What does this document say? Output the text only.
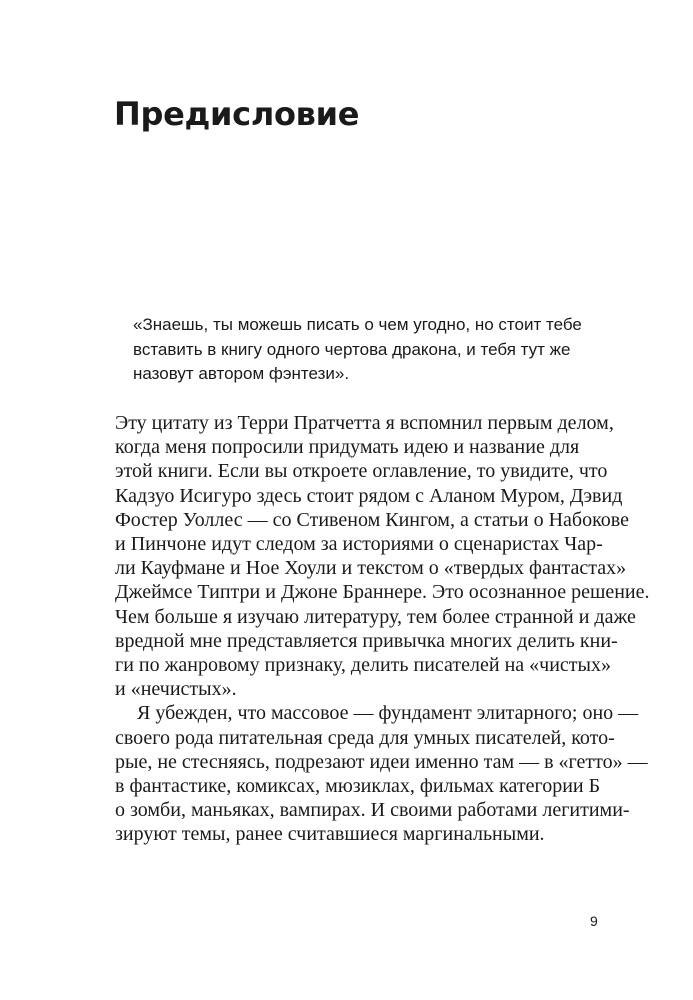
Предисловие
«Знаешь, ты можешь писать о чем угодно, но стоит тебе
вставить в книгу одного чертова дракона, и тебя тут же
назовут автором фэнтези».
Эту цитату из Терри Пратчетта я вспомнил первым делом,
когда меня попросили придумать идею и название для
этой книги. Если вы откроете оглавление, то увидите, что
Кадзуо Исигуро здесь стоит рядом с Аланом Муром, Дэвид
Фостер Уоллес — со Стивеном Кингом, а статьи о Набокове
и Пинчоне идут следом за историями о сценаристах Чар-
ли Кауфмане и Ное Хоули и текстом о «твердых фантастах»
Джеймсе Типтри и Джоне Браннере. Это осознанное решение.
Чем больше я изучаю литературу, тем более странной и даже
вредной мне представляется привычка многих делить кни-
ги по жанровому признаку, делить писателей на «чистых»
и «нечистых».
Я убежден, что массовое — фундамент элитарного; оно —
своего рода питательная среда для умных писателей, кото-
рые, не стесняясь, подрезают идеи именно там — в «гетто» —
в фантастике, комиксах, мюзиклах, фильмах категории Б
о зомби, маньяках, вампирах. И своими работами легитими-
зируют темы, ранее считавшиеся маргинальными.
9
